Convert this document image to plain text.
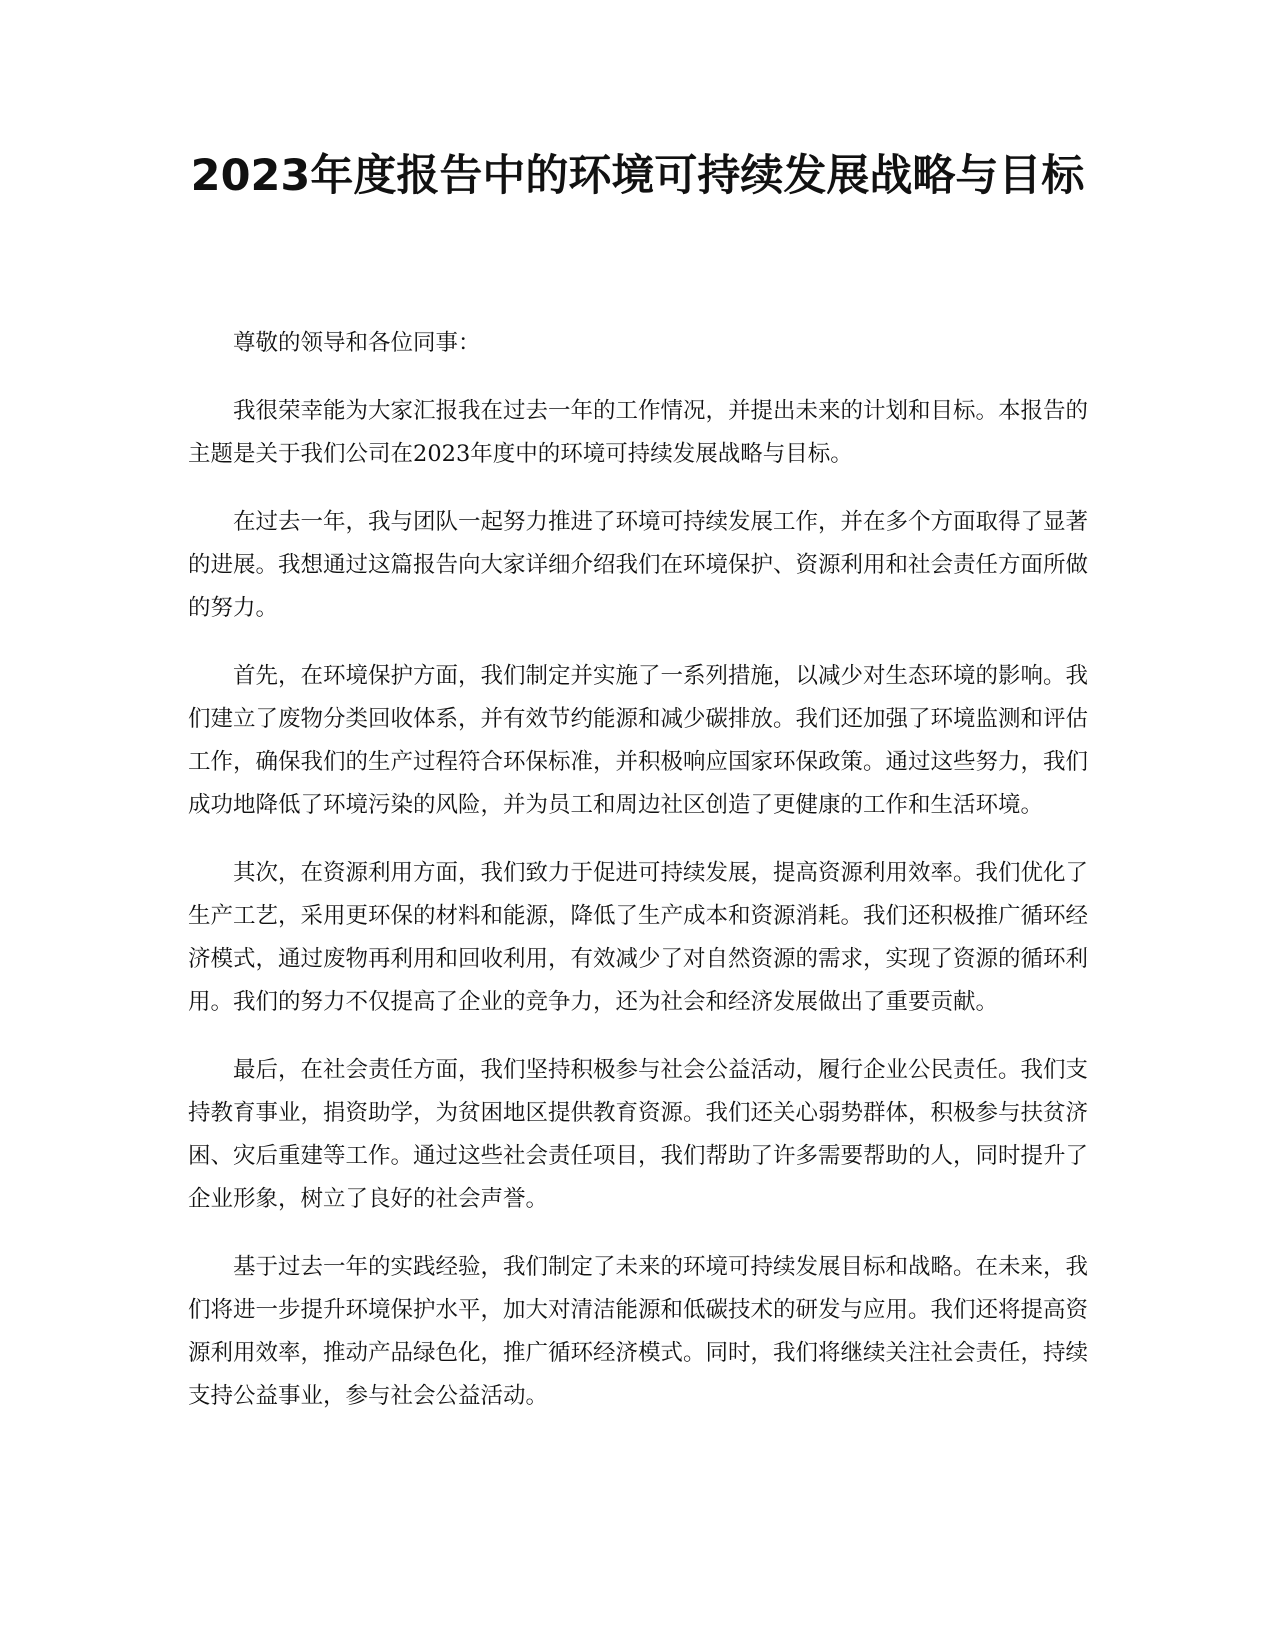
2023年度报告中的环境可持续发展战略与目标

尊敬的领导和各位同事：

我很荣幸能为大家汇报我在过去一年的工作情况，并提出未来的计划和目标。本报告的主题是关于我们公司在2023年度中的环境可持续发展战略与目标。

在过去一年，我与团队一起努力推进了环境可持续发展工作，并在多个方面取得了显著的进展。我想通过这篇报告向大家详细介绍我们在环境保护、资源利用和社会责任方面所做的努力。

首先，在环境保护方面，我们制定并实施了一系列措施，以减少对生态环境的影响。我们建立了废物分类回收体系，并有效节约能源和减少碳排放。我们还加强了环境监测和评估工作，确保我们的生产过程符合环保标准，并积极响应国家环保政策。通过这些努力，我们成功地降低了环境污染的风险，并为员工和周边社区创造了更健康的工作和生活环境。

其次，在资源利用方面，我们致力于促进可持续发展，提高资源利用效率。我们优化了生产工艺，采用更环保的材料和能源，降低了生产成本和资源消耗。我们还积极推广循环经济模式，通过废物再利用和回收利用，有效减少了对自然资源的需求，实现了资源的循环利用。我们的努力不仅提高了企业的竞争力，还为社会和经济发展做出了重要贡献。

最后，在社会责任方面，我们坚持积极参与社会公益活动，履行企业公民责任。我们支持教育事业，捐资助学，为贫困地区提供教育资源。我们还关心弱势群体，积极参与扶贫济困、灾后重建等工作。通过这些社会责任项目，我们帮助了许多需要帮助的人，同时提升了企业形象，树立了良好的社会声誉。

基于过去一年的实践经验，我们制定了未来的环境可持续发展目标和战略。在未来，我们将进一步提升环境保护水平，加大对清洁能源和低碳技术的研发与应用。我们还将提高资源利用效率，推动产品绿色化，推广循环经济模式。同时，我们将继续关注社会责任，持续支持公益事业，参与社会公益活动。
